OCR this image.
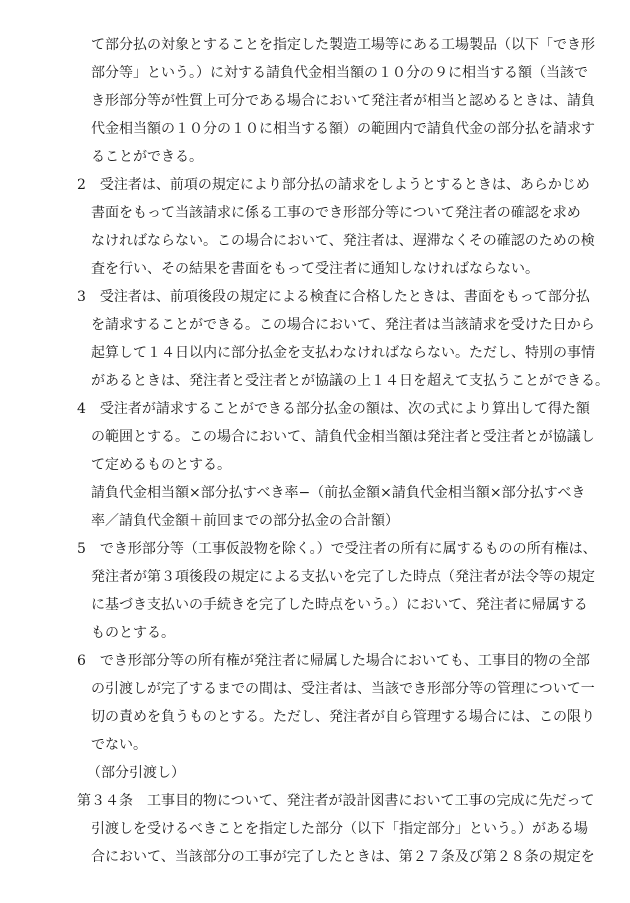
て部分払の対象とすることを指定した製造工場等にある工場製品（以下「でき形
部分等」という。）に対する請負代金相当額の１０分の９に相当する額（当該で
き形部分等が性質上可分である場合において発注者が相当と認めるときは、請負
代金相当額の１０分の１０に相当する額）の範囲内で請負代金の部分払を請求す
ることができる。
2　受注者は、前項の規定により部分払の請求をしようとするときは、あらかじめ
書面をもって当該請求に係る工事のでき形部分等について発注者の確認を求め
なければならない。この場合において、発注者は、遅滞なくその確認のための検
査を行い、その結果を書面をもって受注者に通知しなければならない。
3　受注者は、前項後段の規定による検査に合格したときは、書面をもって部分払
を請求することができる。この場合において、発注者は当該請求を受けた日から
起算して１４日以内に部分払金を支払わなければならない。ただし、特別の事情
があるときは、発注者と受注者とが協議の上１４日を超えて支払うことができる。
4　受注者が請求することができる部分払金の額は、次の式により算出して得た額
の範囲とする。この場合において、請負代金相当額は発注者と受注者とが協議し
て定めるものとする。
請負代金相当額×部分払すべき率−（前払金額×請負代金相当額×部分払すべき
率／請負代金額＋前回までの部分払金の合計額）
5　でき形部分等（工事仮設物を除く。）で受注者の所有に属するものの所有権は、
発注者が第３項後段の規定による支払いを完了した時点（発注者が法令等の規定
に基づき支払いの手続きを完了した時点をいう。）において、発注者に帰属する
ものとする。
6　でき形部分等の所有権が発注者に帰属した場合においても、工事目的物の全部
の引渡しが完了するまでの間は、受注者は、当該でき形部分等の管理について一
切の責めを負うものとする。ただし、発注者が自ら管理する場合には、この限り
でない。
（部分引渡し）
第３４条　工事目的物について、発注者が設計図書において工事の完成に先だって
引渡しを受けるべきことを指定した部分（以下「指定部分」という。）がある場
合において、当該部分の工事が完了したときは、第２７条及び第２８条の規定を
